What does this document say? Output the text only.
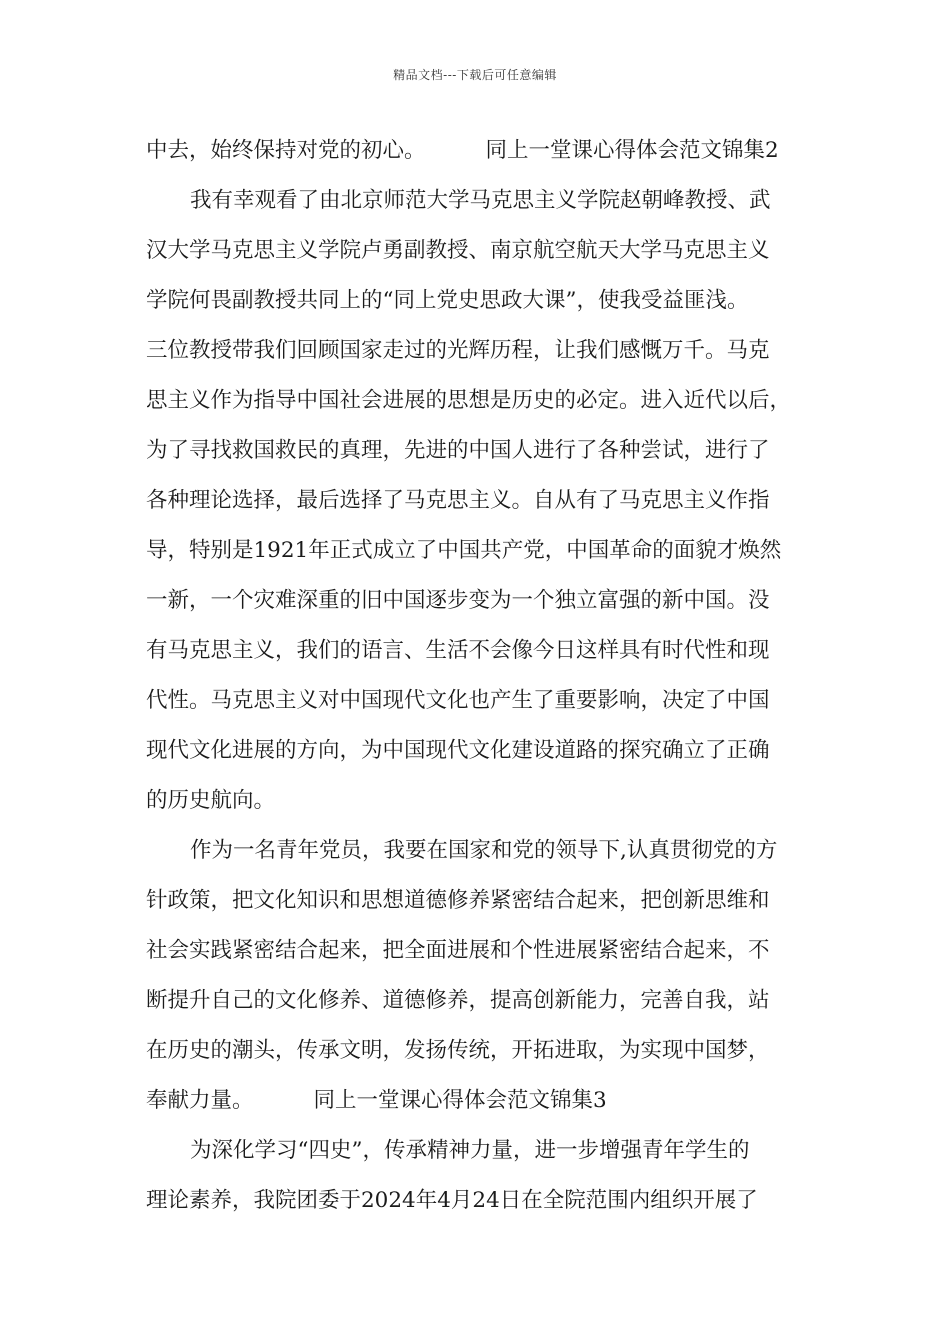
精品文档---下载后可任意编辑
中去，始终保持对党的初心。	同上一堂课心得体会范文锦集2
我有幸观看了由北京师范大学马克思主义学院赵朝峰教授、武
汉大学马克思主义学院卢勇副教授、南京航空航天大学马克思主义
学院何畏副教授共同上的“同上党史思政大课”，使我受益匪浅。
三位教授带我们回顾国家走过的光辉历程，让我们感慨万千。马克
思主义作为指导中国社会进展的思想是历史的必定。进入近代以后，
为了寻找救国救民的真理，先进的中国人进行了各种尝试，进行了
各种理论选择，最后选择了马克思主义。自从有了马克思主义作指
导，特别是1921年正式成立了中国共产党，中国革命的面貌才焕然
一新，一个灾难深重的旧中国逐步变为一个独立富强的新中国。没
有马克思主义，我们的语言、生活不会像今日这样具有时代性和现
代性。马克思主义对中国现代文化也产生了重要影响，决定了中国
现代文化进展的方向，为中国现代文化建设道路的探究确立了正确
的历史航向。
作为一名青年党员，我要在国家和党的领导下,认真贯彻党的方
针政策，把文化知识和思想道德修养紧密结合起来，把创新思维和
社会实践紧密结合起来，把全面进展和个性进展紧密结合起来，不
断提升自己的文化修养、道德修养，提高创新能力，完善自我，站
在历史的潮头，传承文明，发扬传统，开拓进取，为实现中国梦，
奉献力量。	同上一堂课心得体会范文锦集3
为深化学习“四史”，传承精神力量，进一步增强青年学生的
理论素养，我院团委于2024年4月24日在全院范围内组织开展了
